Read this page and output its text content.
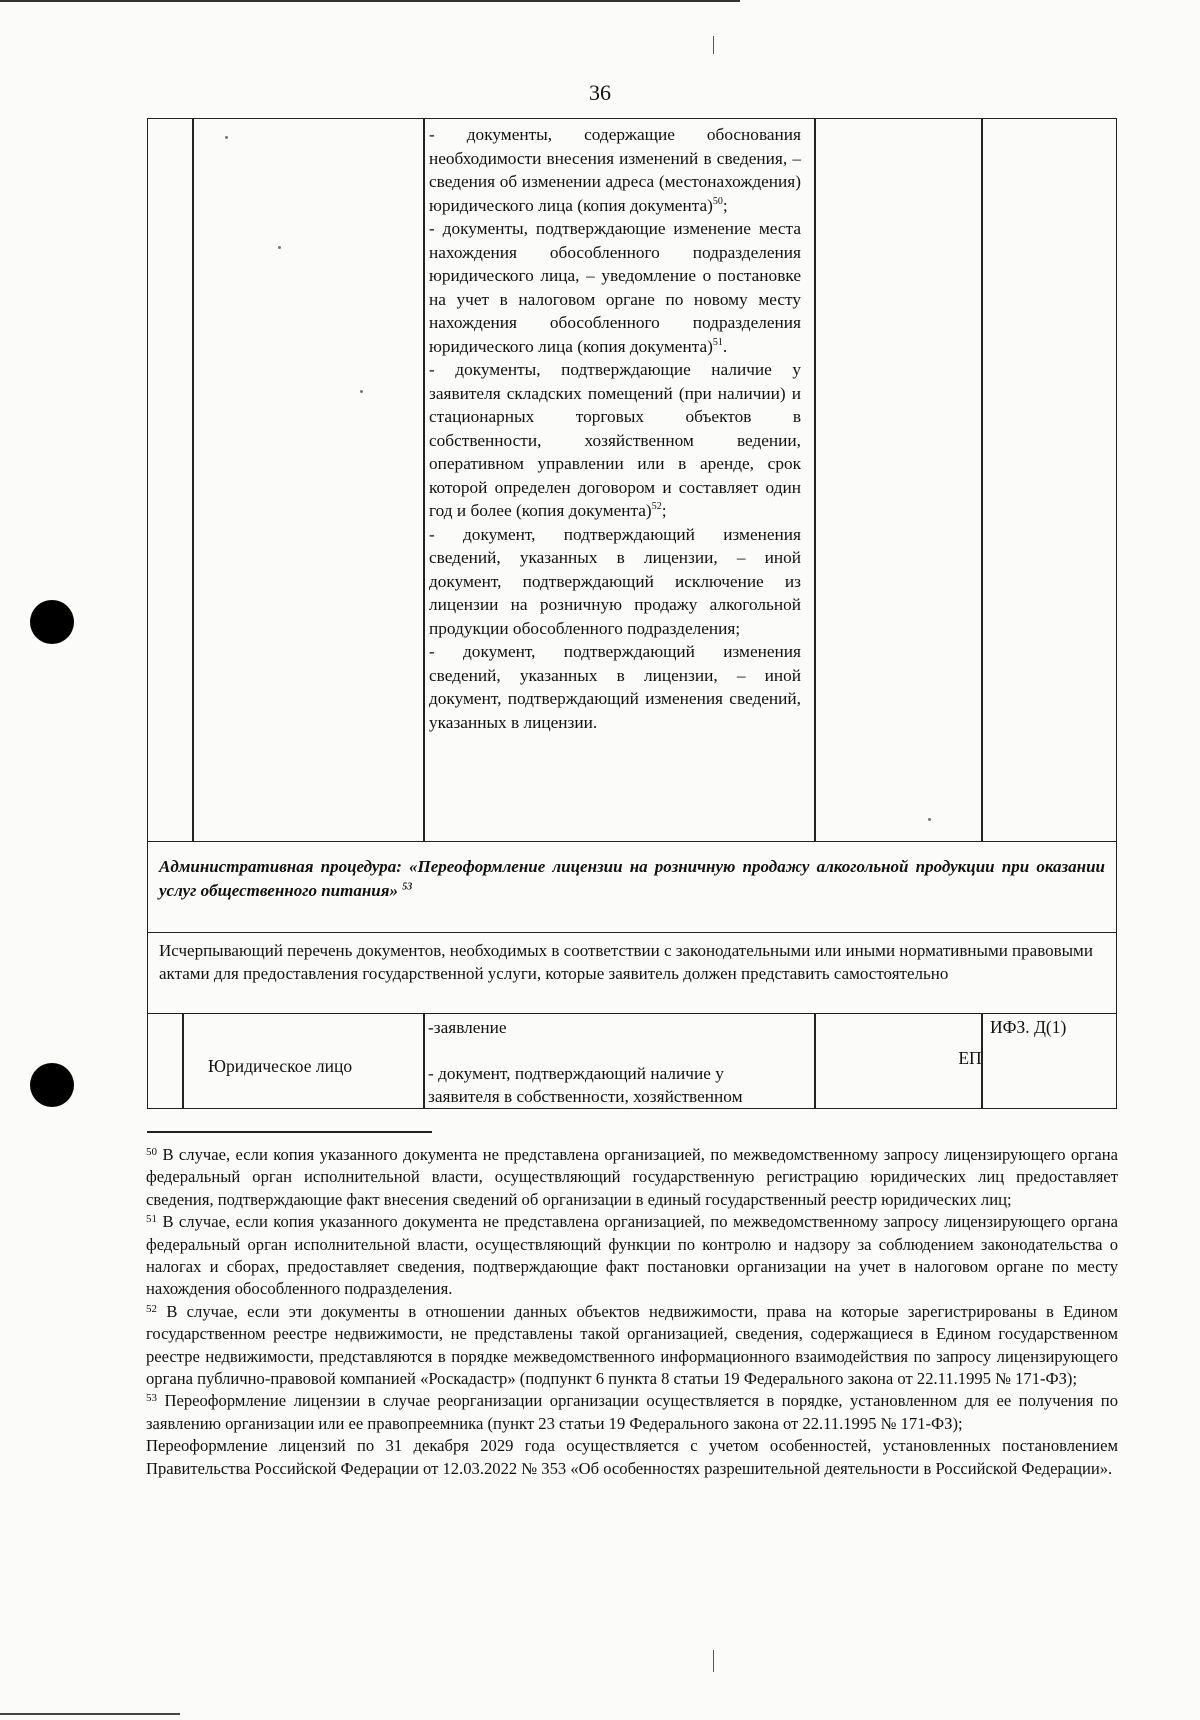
36

- документы, содержащие обоснования необходимости внесения изменений в сведения, – сведения об изменении адреса (местонахождения) юридического лица (копия документа)$^{50}$;

- документы, подтверждающие изменение места нахождения обособленного подразделения юридического лица, – уведомление о постановке на учет в налоговом органе по новому месту нахождения обособленного подразделения юридического лица (копия документа)$^{51}$.

- документы, подтверждающие наличие у заявителя складских помещений (при наличии) и стационарных торговых объектов в собственности, хозяйственном ведении, оперативном управлении или в аренде, срок которой определен договором и составляет один год и более (копия документа)$^{52}$;

- документ, подтверждающий изменения сведений, указанных в лицензии, – иной документ, подтверждающий исключение из лицензии на розничную продажу алкогольной продукции обособленного подразделения;

- документ, подтверждающий изменения сведений, указанных в лицензии, – иной документ, подтверждающий изменения сведений, указанных в лицензии.

Административная процедура: «Переоформление лицензии на розничную продажу алкогольной продукции при оказании услуг общественного питания» $^{53}$
Исчерпывающий перечень документов, необходимых в соответствии с законодательными или иными нормативными правовыми актами для предоставления государственной услуги, которые заявитель должен представить самостоятельно
Юридическое лицо

-заявление

- документ, подтверждающий наличие у заявителя в собственности, хозяйственном

ЕП
ИФЗ. Д(1)

$^{50}$ В случае, если копия указанного документа не представлена организацией, по межведомственному запросу лицензирующего органа федеральный орган исполнительной власти, осуществляющий государственную регистрацию юридических лиц предоставляет сведения, подтверждающие факт внесения сведений об организации в единый государственный реестр юридических лиц;

$^{51}$ В случае, если копия указанного документа не представлена организацией, по межведомственному запросу лицензирующего органа федеральный орган исполнительной власти, осуществляющий функции по контролю и надзору за соблюдением законодательства о налогах и сборах, предоставляет сведения, подтверждающие факт постановки организации на учет в налоговом органе по месту нахождения обособленного подразделения.

$^{52}$ В случае, если эти документы в отношении данных объектов недвижимости, права на которые зарегистрированы в Едином государственном реестре недвижимости, не представлены такой организацией, сведения, содержащиеся в Едином государственном реестре недвижимости, представляются в порядке межведомственного информационного взаимодействия по запросу лицензирующего органа публично-правовой компанией «Роскадастр» (подпункт 6 пункта 8 статьи 19 Федерального закона от 22.11.1995 № 171-ФЗ);

$^{53}$ Переоформление лицензии в случае реорганизации организации осуществляется в порядке, установленном для ее получения по заявлению организации или ее правопреемника (пункт 23 статьи 19 Федерального закона от 22.11.1995 № 171-ФЗ);

Переоформление лицензий по 31 декабря 2029 года осуществляется с учетом особенностей, установленных постановлением Правительства Российской Федерации от 12.03.2022 № 353 «Об особенностях разрешительной деятельности в Российской Федерации».
